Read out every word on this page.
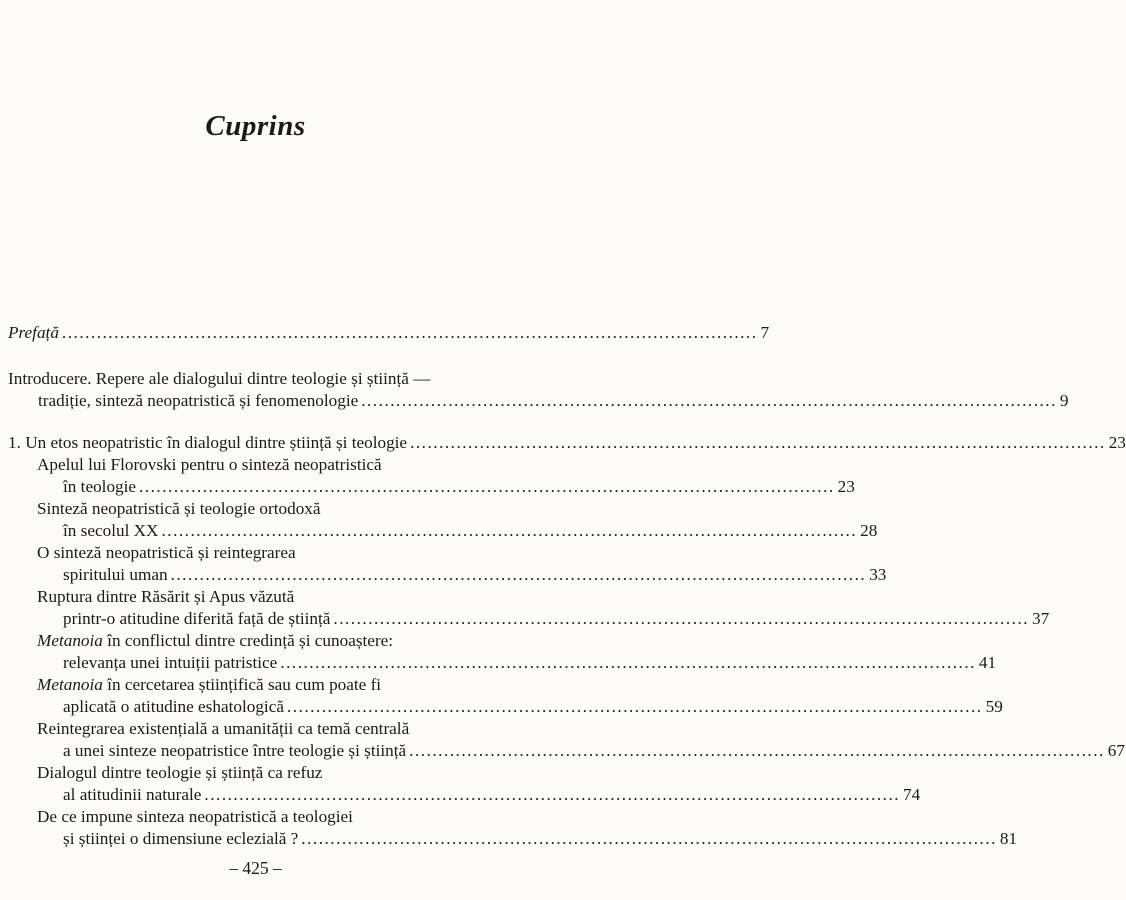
Cuprins
Prefață ........................................................................................................................ 7
Introducere. Repere ale dialogului dintre teologie și știință —
tradiție, sinteză neopatristică și fenomenologie ........................................................................................................................ 9
1. Un etos neopatristic în dialogul dintre știință și teologie ........................................................................................................................ 23
Apelul lui Florovski pentru o sinteză neopatristică
în teologie ........................................................................................................................ 23
Sinteză neopatristică și teologie ortodoxă
în secolul XX ........................................................................................................................ 28
O sinteză neopatristică și reintegrarea
spiritului uman ........................................................................................................................ 33
Ruptura dintre Răsărit și Apus văzută
printr-o atitudine diferită față de știință ........................................................................................................................ 37
Metanoia în conflictul dintre credință și cunoaștere:
relevanța unei intuiții patristice ........................................................................................................................ 41
Metanoia în cercetarea științifică sau cum poate fi
aplicată o atitudine eshatologică ........................................................................................................................ 59
Reintegrarea existențială a umanității ca temă centrală
a unei sinteze neopatristice între teologie și știință ........................................................................................................................ 67
Dialogul dintre teologie și știință ca refuz
al atitudinii naturale ........................................................................................................................ 74
De ce impune sinteza neopatristică a teologiei
și științei o dimensiune eclezială ? ........................................................................................................................ 81
– 425 –
